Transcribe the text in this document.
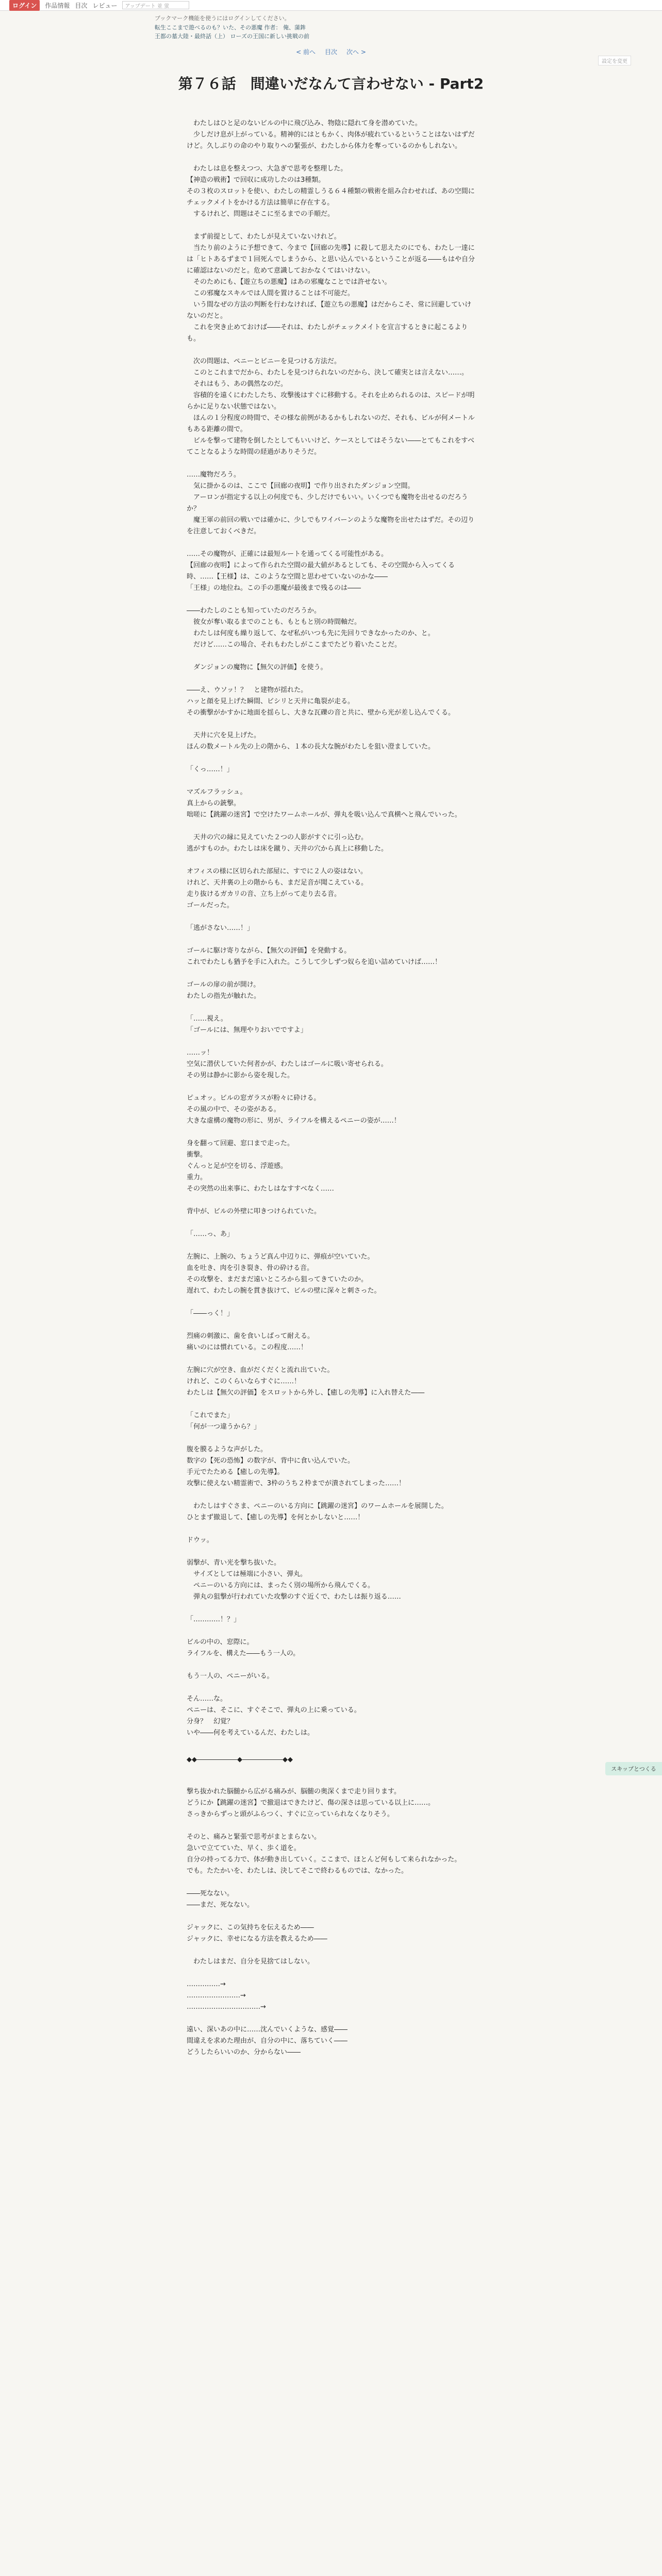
ログイン	作品情報 目次 レビュー	アップデート 並 蛍
ブックマーク機能を使うにはログインしてください。
転生ここまで遊べるのも？いた、その悪魔 作者： 俺、蒲鉾
王都の墓大陸・最終話（上） ローズの王国に新しい挑戦の前
< 前へ 目次 次へ >
設定を変更
第７６話　間違いだなんて言わせない - Part2

　わたしはひと足のないビルの中に飛び込み、物陰に隠れて身を潜めていた。
　少しだけ息が上がっている。精神的にはともかく、肉体が疲れているということはないはずだけど。久しぶりの命のやり取りへの緊張が、わたしから体力を奪っているのかもしれない。

　わたしは息を整えつつ、大急ぎで思考を整理した。
【神造の戦術】で回収に成功したのは3種類。
その３枚のスロットを使い、わたしの精霊しうる６４種類の戦術を組み合わせれば、あの空間にチェックメイトをかける方法は簡単に存在する。
　するけれど、問題はそこに至るまでの手順だ。

　まず前提として、わたしが見えていないけれど。
　当たり前のように予想できて、今まで【回廊の先導】に殺して思えたのにでも、わたし一達には「ヒトあるずまで１回死んでしまうから、と思い込んでいるということが返る――もはや自分に確認はないのだと。危めて意識しておかなくてはいけない。
　そのためにも、【遊立ちの悪魔】はあの邪魔なことでは許せない。
　この邪魔なスキルでは人間を置けることは不可能だ。
　いう間なぜの方法の判断を行わなければ、【遊立ちの悪魔】はだからこそ、常に回避していけないのだと。
　これを突き止めておけば――それは、わたしがチェックメイトを宣言するときに起こるよりも。

　次の問題は、ペニーとビニーを見つける方法だ。
　このとこれまでだから、わたしを見つけられないのだから、決して確実とは言えない……。
　それはもう、あの偶然なのだ。
　容積的を遠くにわたしたち、攻撃後はすぐに移動する。それを止められるのは、スピードが明らかに足りない状態ではない。
　ほんの１分程度の時間で、その様な前例があるかもしれないのだ、それも、ビルが何メートルもある距離の間で。
　ビルを撃って建物を倒したとしてもいいけど、ケースとしてはそうない――とてもこれをすべてことなるような時間の経過がありそうだ。

……魔物だろう。
　気に掛かるのは、ここで【回廊の夜明】で作り出されたダンジョン空間。
　アーロンが指定する以上の何度でも、少しだけでもいい。いくつでも魔物を出せるのだろうか？
　魔王軍の前回の戦いでは確かに、少しでもワイバーンのような魔物を出せたはずだ。その辺りを注意しておくべきだ。

……その魔物が、正確には最短ルートを通ってくる可能性がある。
【回廊の夜明】によって作られた空間の最大値があるとしても、その空間から入ってくる時、……【王様】は、このような空間と思わせていないのかな――
「王様」の地位ね。この手の悪魔が最後まで残るのは――

――わたしのことも知っていたのだろうか。
　彼女が奪い取るまでのことも、もともと別の時間軸だ。
　わたしは何度も繰り返して、なぜ私がいつも先に先回りできなかったのか、と。
　だけど……この場合、それもわたしがここまでたどり着いたことだ。

　ダンジョンの魔物に【無欠の評価】を使う。

――え、ウソッ！？　と建物が揺れた。
ハッと顔を見上げた瞬間、ビシリと天井に亀裂が走る。
その衝撃がかすかに地面を揺らし、大きな瓦礫の音と共に、壁から光が差し込んでくる。

　天井に穴を見上げた。
ほんの数メートル先の上の階から、１本の長大な腕がわたしを狙い澄ましていた。

「くっ……！」

マズルフラッシュ。
真上からの銃撃。
咄嗟に【跳躍の迷宮】で空けたワームホールが、弾丸を吸い込んで真横へと飛んでいった。

　天井の穴の縁に見えていた２つの人影がすぐに引っ込む。
逃がすものか。わたしは床を蹴り、天井の穴から真上に移動した。

オフィスの様に区切られた部屋に、すでに２人の姿はない。
けれど、天井裏の上の階からも、まだ足音が聞こえている。
走り抜けるガカリの音、立ち上がって走り去る音。
ゴールだった。

「逃がさない……！」

ゴールに駆け寄りながら、【無欠の評価】を発動する。
これでわたしも猶予を手に入れた。こうして少しずつ奴らを追い詰めていけば……！

ゴールの扉の前が開け。
わたしの指先が触れた。

「……視え。
「ゴールには、無理やりおいでですよ」

……ッ！
空気に潜伏していた何者かが、わたしはゴールに吸い寄せられる。
その男は静かに影から姿を現した。

ピュオッ。ビルの窓ガラスが粉々に砕ける。
その風の中で、その姿がある。
大きな虚構の魔物の形に、男が、ライフルを構えるペニーの姿が……！

身を翻って回避、窓口まで走った。
衝撃。
ぐんっと足が空を切る、浮遊感。
重力。
その突然の出来事に、わたしはなすすべなく……

背中が、ビルの外壁に叩きつけられていた。

「……っ、あ」

左腕に、上腕の、ちょうど真ん中辺りに、弾痕が空いていた。
血を吐き、肉を引き裂き、骨の砕ける音。
その攻撃を、まだまだ遠いところから狙ってきていたのか。
遅れて、わたしの腕を貫き抜けて、ビルの壁に深々と刺さった。

「――っく！」

烈痛の刺激に、歯を食いしばって耐える。
痛いのには慣れている。この程度……！

左腕に穴が空き、血がだくだくと流れ出ていた。
けれど、このくらいならすぐに……！
わたしは【無欠の評価】をスロットから外し、【癒しの先導】に入れ替えた――

「これでまた」
「何が一つ違うから？」

腹を膜るような声がした。
数字の【死の恐怖】の数字が、背中に食い込んでいた。
手元でたためる【癒しの先導】。
攻撃に使えない精霊術で、3枠のうち２枠までが潰されてしまった……！

　わたしはすぐさま、ペニーのいる方向に【跳躍の迷宮】のワームホールを展開した。
ひとまず撤退して、【癒しの先導】を何とかしないと……！

ドウッ。

弱撃が、青い光を撃ち抜いた。
　サイズとしては極端に小さい、弾丸。
　ペニーのいる方向には、まったく別の場所から飛んでくる。
　弾丸の狙撃が行われていた攻撃のすぐ近くで、わたしは振り返る……

「…………！？」

ビルの中の、窓際に。
ライフルを、構えた――もう一人の。

もう一人の、ペニーがいる。

そん……な。
ペニーは、そこに、すぐそこで、弾丸の上に乗っている。
分身？　幻覚？
いや――何を考えているんだ、わたしは。

◆◆――――――◆――――――◆◆

撃ち抜かれた脳髄から広がる痛みが、脳髄の奥深くまで走り回ります。
どうにか【跳躍の迷宮】で撤退はできたけど、傷の深さは思っている以上に……。
さっきからずっと頭がふらつく、すぐに立っていられなくなりそう。

そのと、痛みと緊張で思考がまとまらない。
急いで立てていた、早く、歩く道を。
自分の持ってる力で、体が動き出していく。ここまで、ほとんど何もして来られなかった。
でも。たたかいを、わたしは、決してそこで終わるものでは、なかった。

――死なない。
――まだ、死なない。

ジャックに、この気持ちを伝えるため――
ジャックに、幸せになる方法を教えるため――

　わたしはまだ、自分を見捨てはしない。

……………→
……………………→
……………………………→

遠い、深いあの中に……沈んでいくような、感覚――
間違えを求めた理由が、自分の中に、落ちていく――
どうしたらいいのか、分からない――

スキップとつくる
